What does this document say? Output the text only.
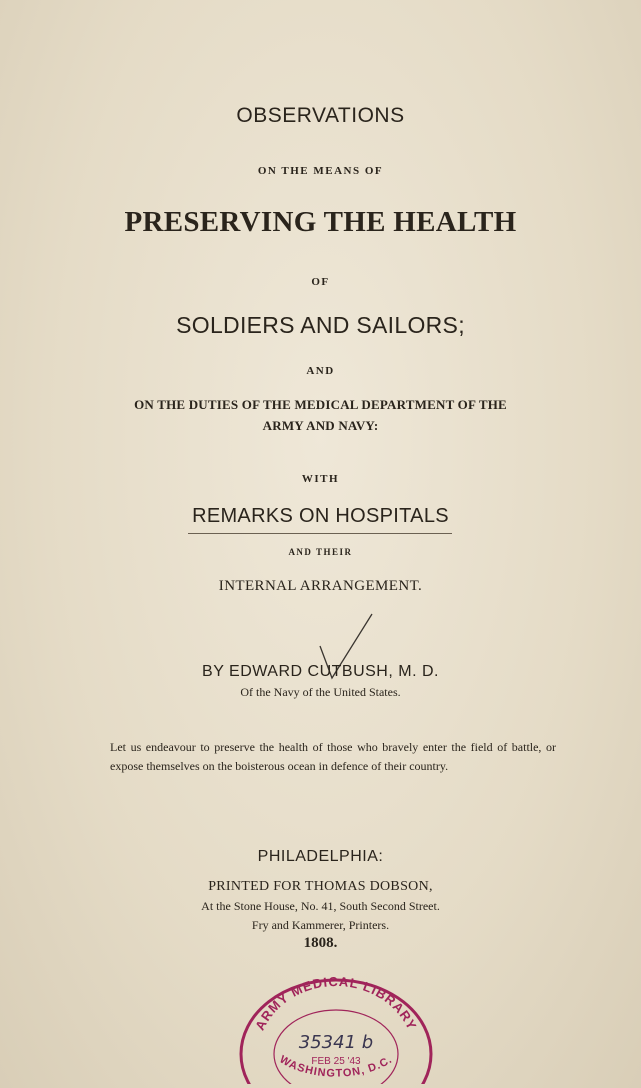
OBSERVATIONS
ON THE MEANS OF
PRESERVING THE HEALTH
OF
SOLDIERS AND SAILORS;
AND
ON THE DUTIES OF THE MEDICAL DEPARTMENT OF THE
ARMY AND NAVY:
WITH
REMARKS ON HOSPITALS
AND THEIR
INTERNAL ARRANGEMENT.
BY EDWARD CUTBUSH, M. D.
Of the Navy of the United States.
Let us endeavour to preserve the health of those who bravely enter the field of battle, or expose themselves on the boisterous ocean in defence of their country.
PHILADELPHIA:
PRINTED FOR THOMAS DOBSON,
At the Stone House, No. 41, South Second Street.
Fry and Kammerer, Printers.
1808.
ARMY MEDICAL LIBRARY
35341 b
FEB 25 '43
WASHINGTON, D.C.
